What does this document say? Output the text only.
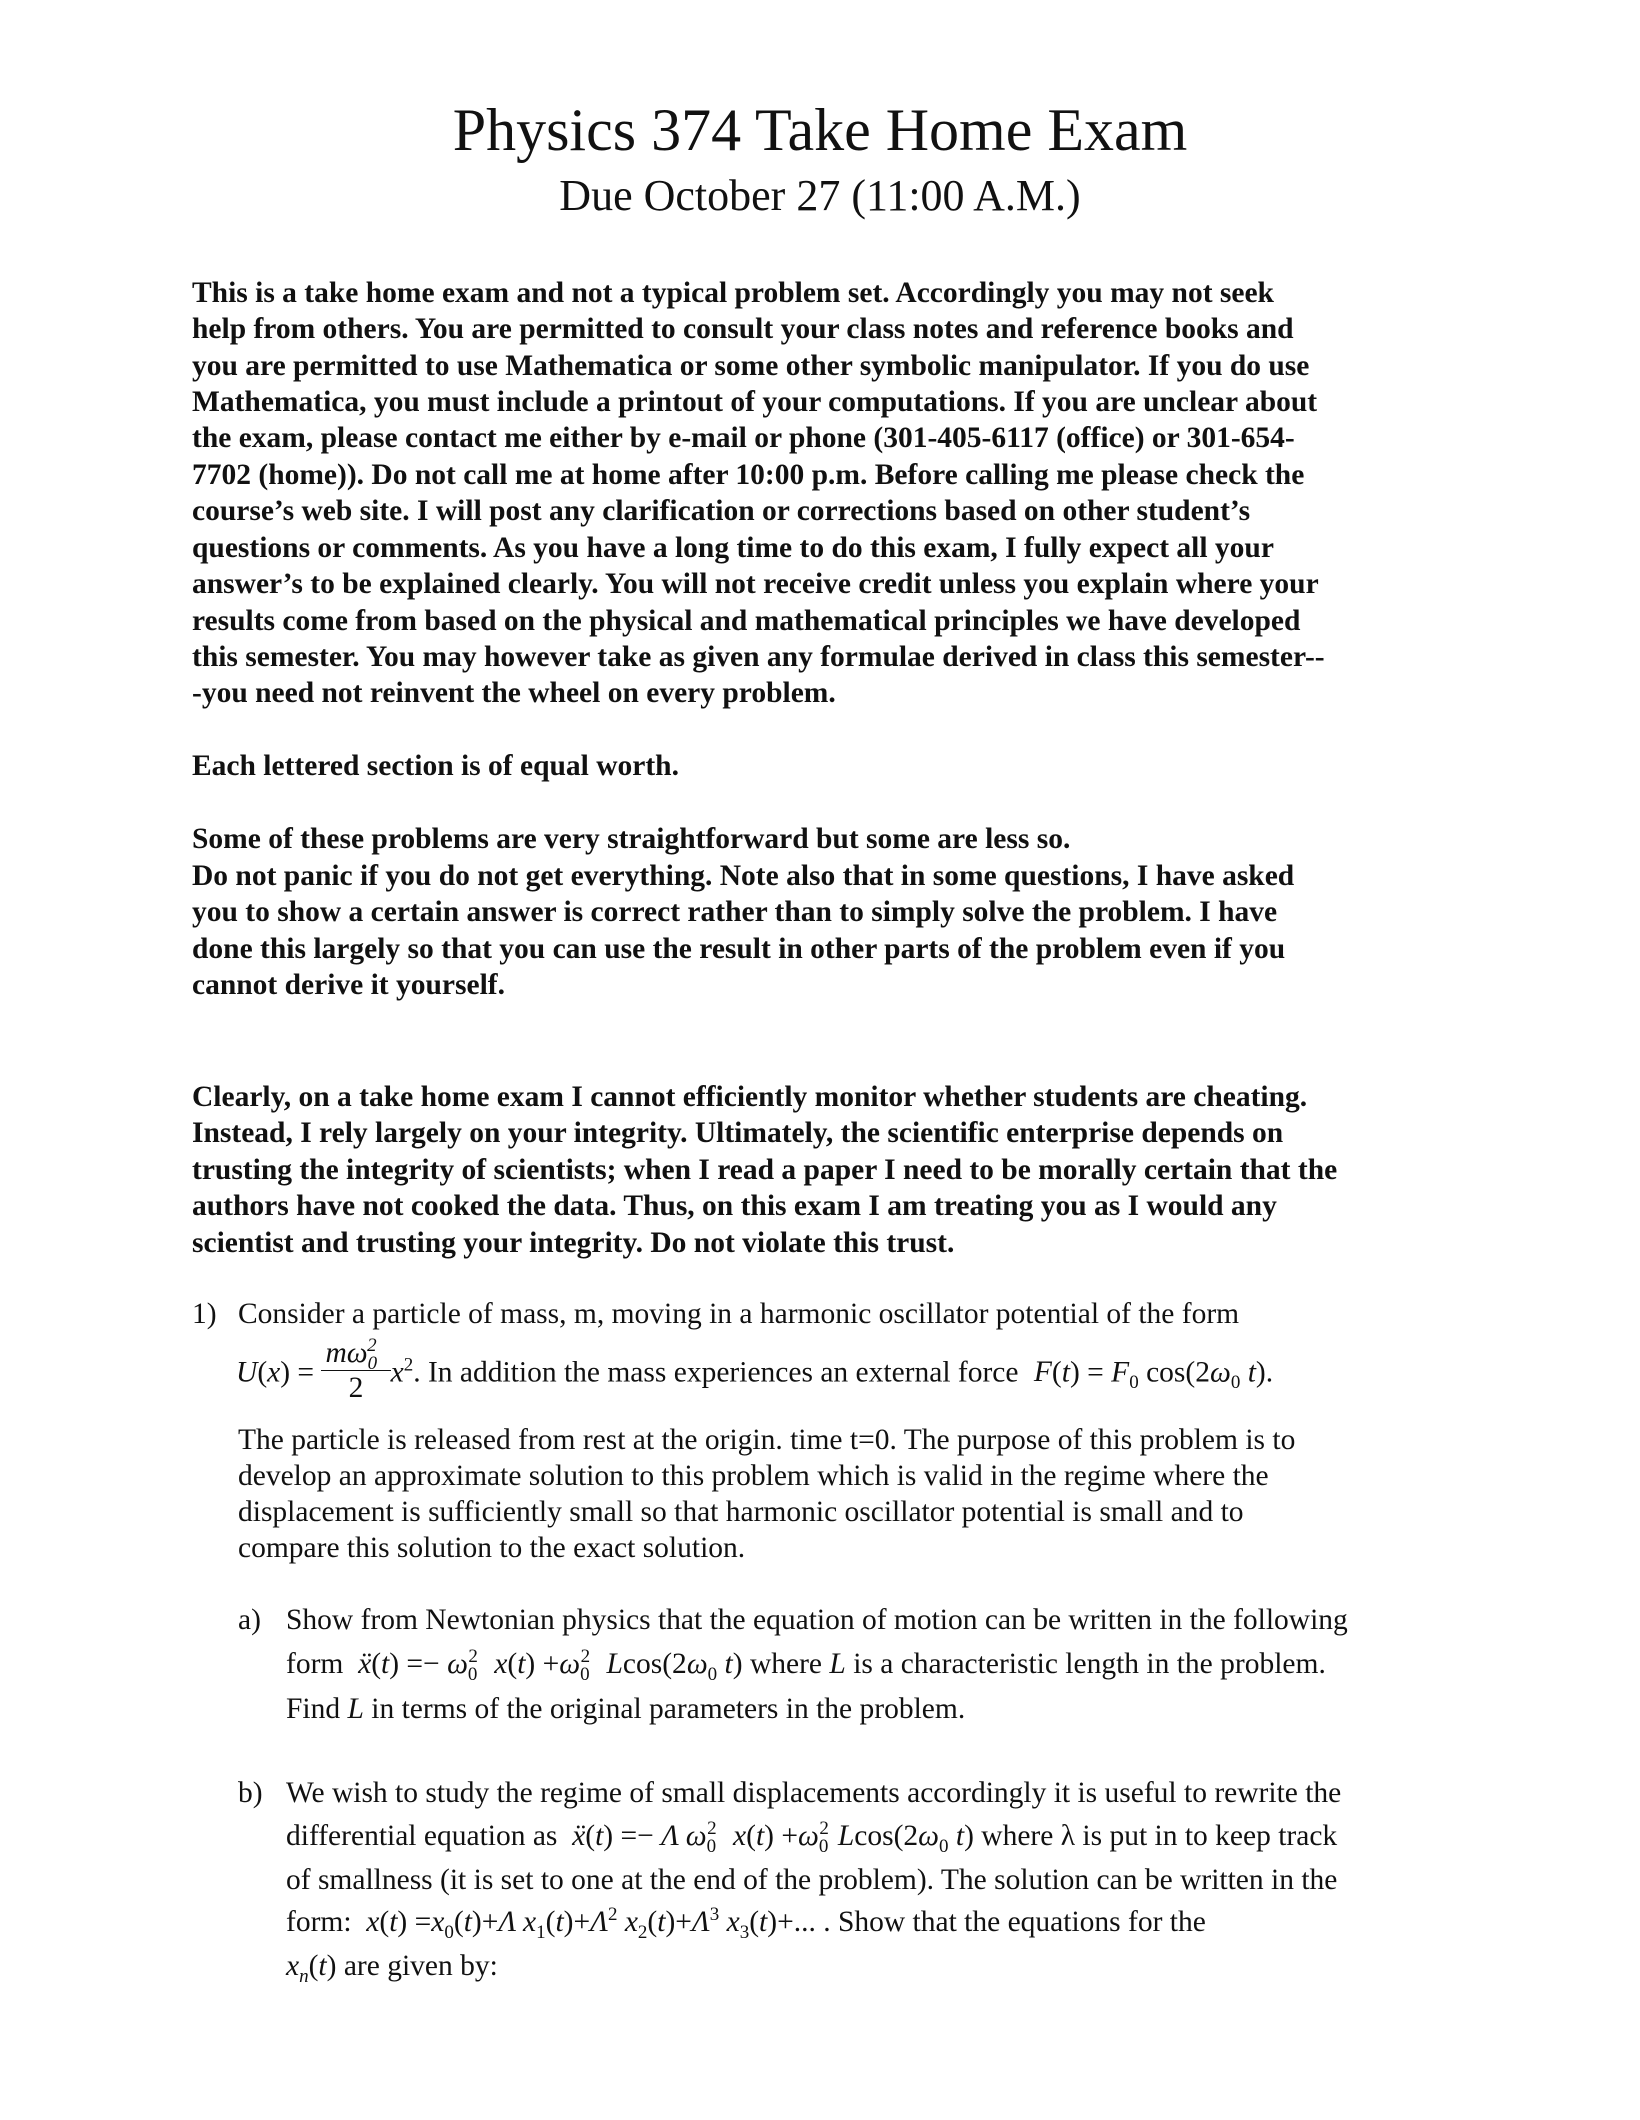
Physics 374 Take Home Exam
Due October 27 (11:00 A.M.)
This is a take home exam and not a typical problem set. Accordingly you may not seek
help from others. You are permitted to consult your class notes and reference books and
you are permitted to use Mathematica or some other symbolic manipulator. If you do use
Mathematica, you must include a printout of your computations. If you are unclear about
the exam, please contact me either by e-mail or phone (301-405-6117 (office) or 301-654-
7702 (home)). Do not call me at home after 10:00 p.m. Before calling me please check the
course’s web site. I will post any clarification or corrections based on other student’s
questions or comments. As you have a long time to do this exam, I fully expect all your
answer’s to be explained clearly. You will not receive credit unless you explain where your
results come from based on the physical and mathematical principles we have developed
this semester. You may however take as given any formulae derived in class this semester--
-you need not reinvent the wheel on every problem.
Each lettered section is of equal worth.
Some of these problems are very straightforward but some are less so.
Do not panic if you do not get everything. Note also that in some questions, I have asked
you to show a certain answer is correct rather than to simply solve the problem. I have
done this largely so that you can use the result in other parts of the problem even if you
cannot derive it yourself.
Clearly, on a take home exam I cannot efficiently monitor whether students are cheating.
Instead, I rely largely on your integrity. Ultimately, the scientific enterprise depends on
trusting the integrity of scientists; when I read a paper I need to be morally certain that the
authors have not cooked the data. Thus, on this exam I am treating you as I would any
scientist and trusting your integrity. Do not violate this trust.
1) Consider a particle of mass, m, moving in a harmonic oscillator potential of the form
$U(x) = \frac{m\omega_0^2}{2} x^2$. In addition the mass experiences an external force $F(t) = F_0$ $\cos(2\omega_0$ t).
The particle is released from rest at the origin. time t=0. The purpose of this problem is to
develop an approximate solution to this problem which is valid in the regime where the
displacement is sufficiently small so that harmonic oscillator potential is small and to
compare this solution to the exact solution.
a) Show from Newtonian physics that the equation of motion can be written in the following
form  ẍ(t) =− $\omega_0^2$ $x(t) +\omega_0^2$ $Lcos(2\omega_0$ t) where L is a characteristic length in the problem.
Find L in terms of the original parameters in the problem.
b) We wish to study the regime of small displacements accordingly it is useful to rewrite the
differential equation as  ẍ(t) =− Λ $\omega_0^2$ $x(t) +\omega_0^2$ $Lcos(2\omega_0$ t) where λ is put in to keep track
of smallness (it is set to one at the end of the problem). The solution can be written in the
form:  $x(t) =x_0(t)+\Lambda$ $x_1(t)+\Lambda^2$ $x_2(t)+\Lambda^3$ $x_3(t)+$... . Show that the equations for the
$x_n(t)$ are given by:
